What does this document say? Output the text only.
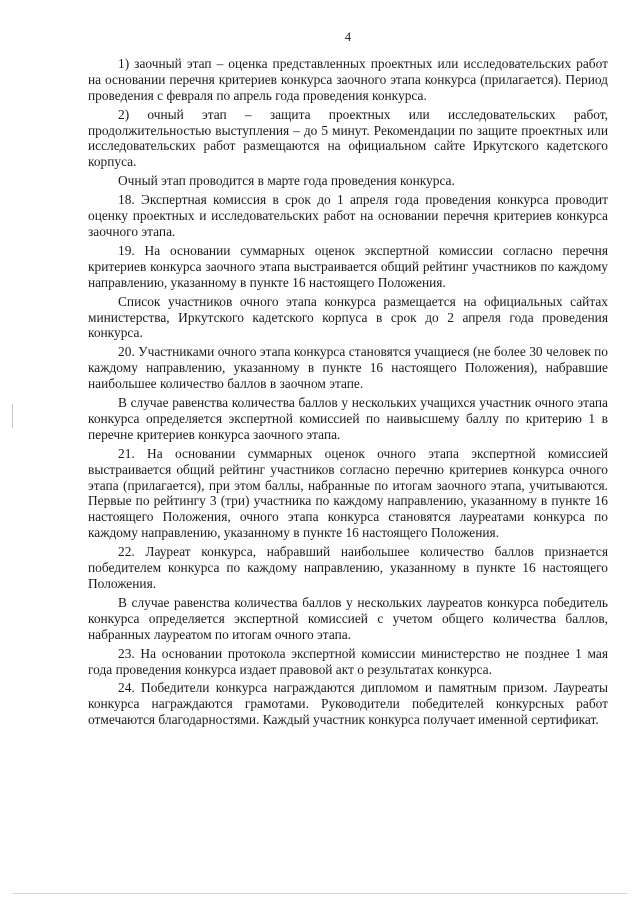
4

1) заочный этап – оценка представленных проектных или исследовательских работ на основании перечня критериев конкурса заочного этапа конкурса (прилагается). Период проведения с февраля по апрель года проведения конкурса.

2) очный этап – защита проектных или исследовательских работ, продолжительностью выступления – до 5 минут. Рекомендации по защите проектных или исследовательских работ размещаются на официальном сайте Иркутского кадетского корпуса.

Очный этап проводится в марте года проведения конкурса.

18. Экспертная комиссия в срок до 1 апреля года проведения конкурса проводит оценку проектных и исследовательских работ на основании перечня критериев конкурса заочного этапа.

19. На основании суммарных оценок экспертной комиссии согласно перечня критериев конкурса заочного этапа выстраивается общий рейтинг участников по каждому направлению, указанному в пункте 16 настоящего Положения.

Список участников очного этапа конкурса размещается на официальных сайтах министерства, Иркутского кадетского корпуса в срок до 2 апреля года проведения конкурса.

20. Участниками очного этапа конкурса становятся учащиеся (не более 30 человек по каждому направлению, указанному в пункте 16 настоящего Положения), набравшие наибольшее количество баллов в заочном этапе.

В случае равенства количества баллов у нескольких учащихся участник очного этапа конкурса определяется экспертной комиссией по наивысшему баллу по критерию 1 в перечне критериев конкурса заочного этапа.

21. На основании суммарных оценок очного этапа экспертной комиссией выстраивается общий рейтинг участников согласно перечню критериев конкурса очного этапа (прилагается), при этом баллы, набранные по итогам заочного этапа, учитываются. Первые по рейтингу 3 (три) участника по каждому направлению, указанному в пункте 16 настоящего Положения, очного этапа конкурса становятся лауреатами конкурса по каждому направлению, указанному в пункте 16 настоящего Положения.

22. Лауреат конкурса, набравший наибольшее количество баллов признается победителем конкурса по каждому направлению, указанному в пункте 16 настоящего Положения.

В случае равенства количества баллов у нескольких лауреатов конкурса победитель конкурса определяется экспертной комиссией с учетом общего количества баллов, набранных лауреатом по итогам очного этапа.

23. На основании протокола экспертной комиссии министерство не позднее 1 мая года проведения конкурса издает правовой акт о результатах конкурса.

24. Победители конкурса награждаются дипломом и памятным призом. Лауреаты конкурса награждаются грамотами. Руководители победителей конкурсных работ отмечаются благодарностями. Каждый участник конкурса получает именной сертификат.
